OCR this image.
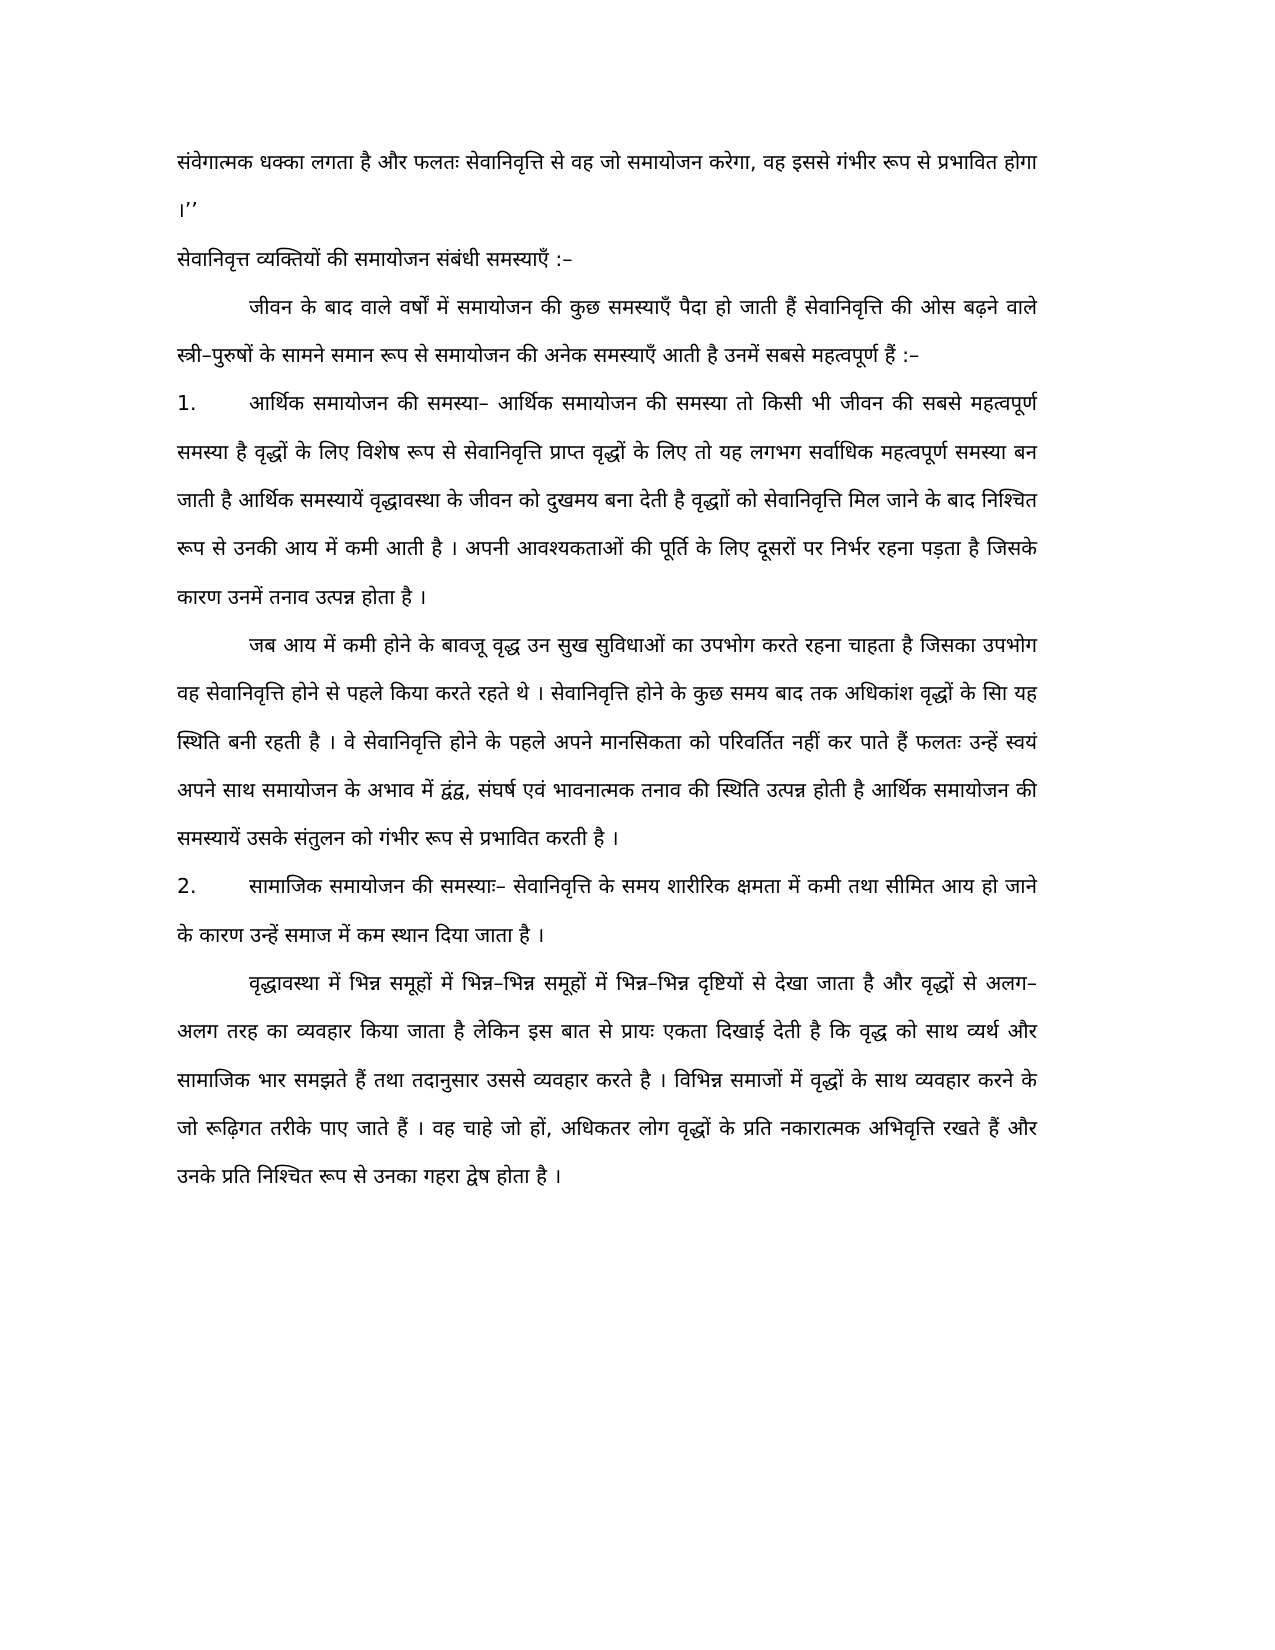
संवेगात्मक धक्का लगता है और फलतः सेवानिवृत्ति से वह जो समायोजन करेगा, वह इससे गंभीर रूप से प्रभावित होगा ।’’

सेवानिवृत्त व्यक्तियों की समायोजन संबंधी समस्याएँ :–

जीवन के बाद वाले वर्षों में समायोजन की कुछ समस्याएँ पैदा हो जाती हैं सेवानिवृत्ति की ओस बढ़ने वाले स्त्री–पुरुषों के सामने समान रूप से समायोजन की अनेक समस्याएँ आती है उनमें सबसे महत्वपूर्ण हैं :–

1.	आर्थिक समायोजन की समस्या– आर्थिक समायोजन की समस्या तो किसी भी जीवन की सबसे महत्वपूर्ण समस्या है वृद्धों के लिए विशेष रूप से सेवानिवृत्ति प्राप्त वृद्धों के लिए तो यह लगभग सर्वाधिक महत्वपूर्ण समस्या बन जाती है आर्थिक समस्यायें वृद्धावस्था के जीवन को दुखमय बना देती है वृद्धाों को सेवानिवृत्ति मिल जाने के बाद निश्चित रूप से उनकी आय में कमी आती है । अपनी आवश्यकताओं की पूर्ति के लिए दूसरों पर निर्भर रहना पड़ता है जिसके कारण उनमें तनाव उत्पन्न होता है ।

जब आय में कमी होने के बावजू वृद्ध उन सुख सुविधाओं का उपभोग करते रहना चाहता है जिसका उपभोग वह सेवानिवृत्ति होने से पहले किया करते रहते थे । सेवानिवृत्ति होने के कुछ समय बाद तक अधिकांश वृद्धों के साि यह स्थिति बनी रहती है । वे सेवानिवृत्ति होने के पहले अपने मानसिकता को परिवर्तित नहीं कर पाते हैं फलतः उन्हें स्वयं अपने साथ समायोजन के अभाव में द्वंद्व, संघर्ष एवं भावनात्मक तनाव की स्थिति उत्पन्न होती है आर्थिक समायोजन की समस्यायें उसके संतुलन को गंभीर रूप से प्रभावित करती है ।

2.	सामाजिक समायोजन की समस्याः– सेवानिवृत्ति के समय शारीरिक क्षमता में कमी तथा सीमित आय हो जाने के कारण उन्हें समाज में कम स्थान दिया जाता है ।

वृद्धावस्था में भिन्न समूहों में भिन्न–भिन्न समूहों में भिन्न–भिन्न दृष्टियों से देखा जाता है और वृद्धों से अलग–अलग तरह का व्यवहार किया जाता है लेकिन इस बात से प्रायः एकता दिखाई देती है कि वृद्ध को साथ व्यर्थ और सामाजिक भार समझते हैं तथा तदानुसार उससे व्यवहार करते है । विभिन्न समाजों में वृद्धों के साथ व्यवहार करने के जो रूढ़िगत तरीके पाए जाते हैं । वह चाहे जो हों, अधिकतर लोग वृद्धों के प्रति नकारात्मक अभिवृत्ति रखते हैं और उनके प्रति निश्चित रूप से उनका गहरा द्वेष होता है ।
